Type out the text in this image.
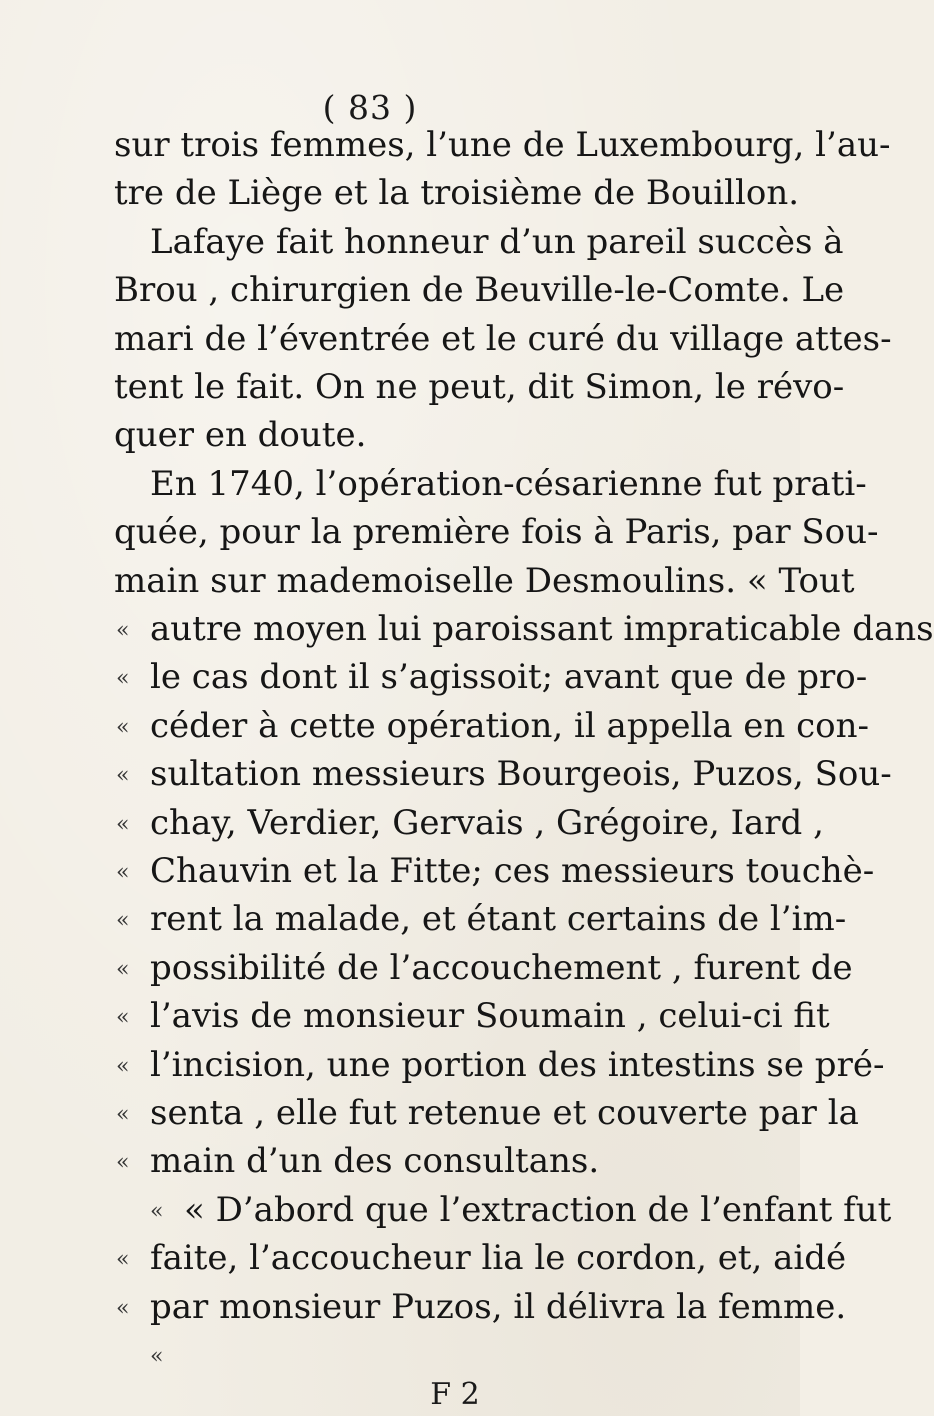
( 83 )
sur trois femmes, l’une de Luxembourg, l’au-
tre de Liège et la troisième de Bouillon.
Lafaye fait honneur d’un pareil succès à
Brou , chirurgien de Beuville-le-Comte. Le
mari de l’éventrée et le curé du village attes-
tent le fait. On ne peut, dit Simon, le révo-
quer en doute.
En 1740, l’opération-césarienne fut prati-
quée, pour la première fois à Paris, par Sou-
main sur mademoiselle Desmoulins. « Tout
« autre moyen lui paroissant impraticable dans
« le cas dont il s’agissoit; avant que de pro-
« céder à cette opération, il appella en con-
« sultation messieurs Bourgeois, Puzos, Sou-
« chay, Verdier, Gervais , Grégoire, Iard ,
« Chauvin et la Fitte; ces messieurs touchè-
« rent la malade, et étant certains de l’im-
« possibilité de l’accouchement , furent de
« l’avis de monsieur Soumain , celui-ci fit
« l’incision, une portion des intestins se pré-
« senta , elle fut retenue et couverte par la
« main d’un des consultans.
« D’abord que l’extraction de l’enfant fut
« faite, l’accoucheur lia le cordon, et, aidé
« par monsieur Puzos, il délivra la femme.
«
«
F 2
